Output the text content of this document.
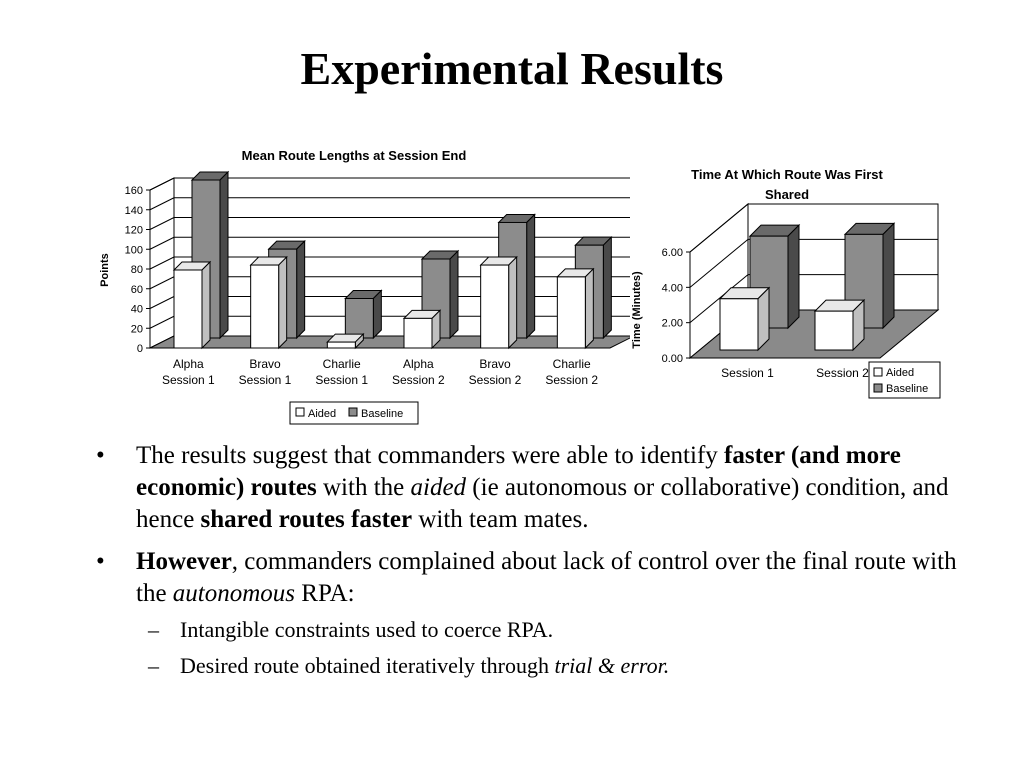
Experimental Results
Mean Route Lengths at Session End
0
20
40
60
80
100
120
140
160
Points
Alpha
Session 1
Bravo
Session 1
Charlie
Session 1
Alpha
Session 2
Bravo
Session 2
Charlie
Session 2
Aided Baseline
Time At Which Route Was First
Shared
0.00
2.00
4.00
6.00
Time (Minutes)
Session 1	Session 2 Aided
Baseline
• The results suggest that commanders were able to identify faster (and more economic) routes with the aided (ie autonomous or collaborative) condition, and hence shared routes faster with team mates.
• However, commanders complained about lack of control over the final route with the autonomous RPA:
– Intangible constraints used to coerce RPA.
– Desired route obtained iteratively through trial & error.
